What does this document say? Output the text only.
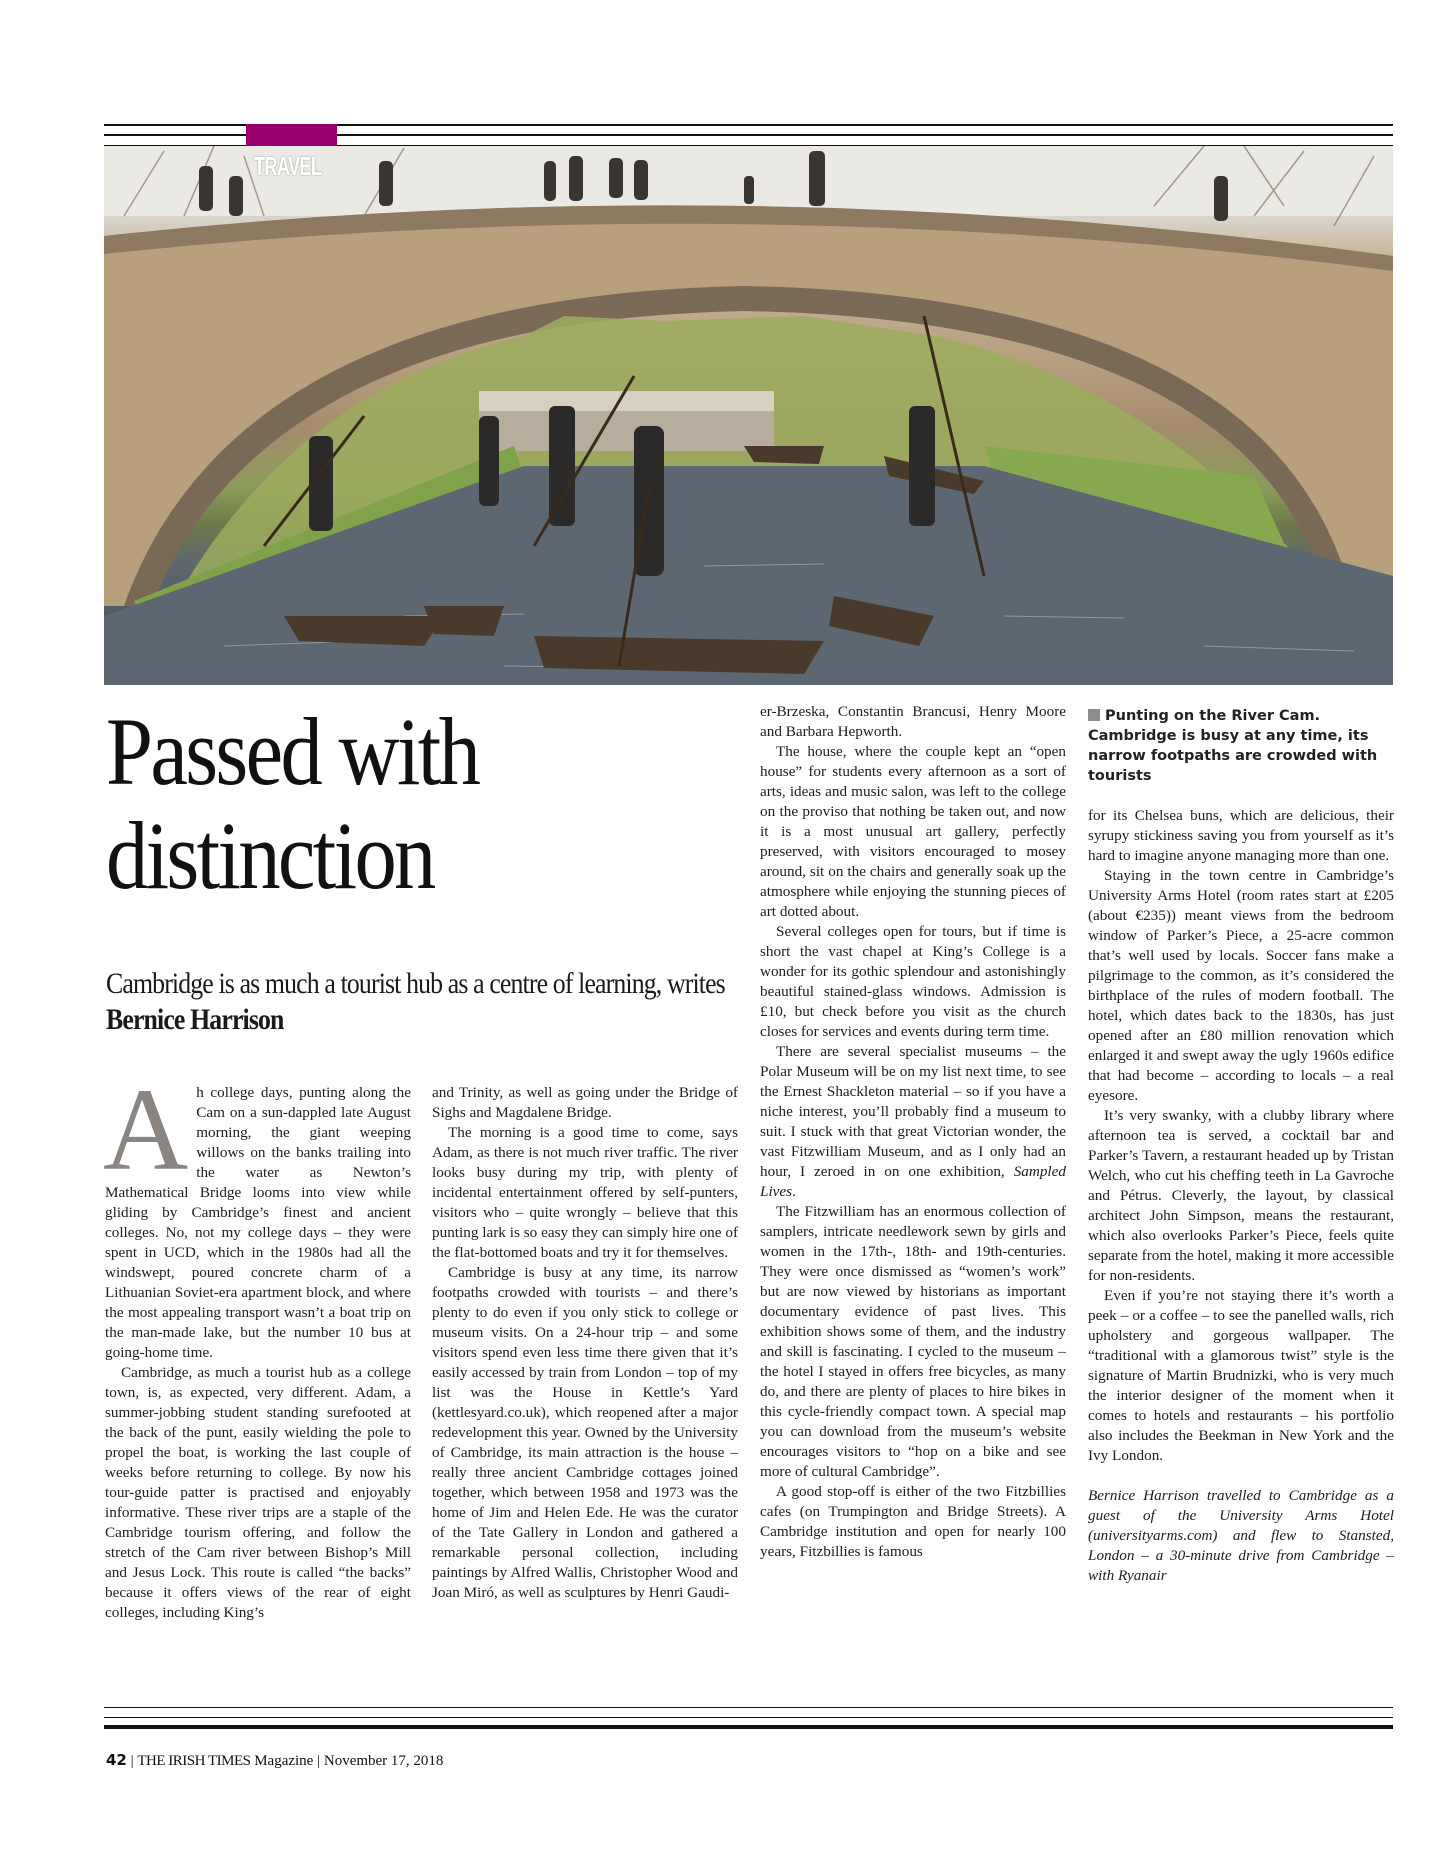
TRAVEL
Passed with
distinction

Cambridge is as much a tourist hub as a centre of learning, writes Bernice Harrison

Punting on the River Cam. Cambridge is busy at any time, its narrow footpaths are crowded with tourists

Ah college days, punting along the Cam on a sun-dappled late August morning, the giant weeping willows on the banks trailing into the water as Newton’s Mathematical Bridge looms into view while gliding by Cambridge’s finest and ancient colleges. No, not my college days – they were spent in UCD, which in the 1980s had all the windswept, poured concrete charm of a Lithuanian Soviet-era apartment block, and where the most appealing transport wasn’t a boat trip on the man-made lake, but the number 10 bus at going-home time.

Cambridge, as much a tourist hub as a college town, is, as expected, very different. Adam, a summer-jobbing student standing surefooted at the back of the punt, easily wielding the pole to propel the boat, is working the last couple of weeks before returning to college. By now his tour-guide patter is practised and enjoyably informative. These river trips are a staple of the Cambridge tourism offering, and follow the stretch of the Cam river between Bishop’s Mill and Jesus Lock. This route is called “the backs” because it offers views of the rear of eight colleges, including King’s

and Trinity, as well as going under the Bridge of Sighs and Magdalene Bridge.

The morning is a good time to come, says Adam, as there is not much river traffic. The river looks busy during my trip, with plenty of incidental entertainment offered by self-punters, visitors who – quite wrongly – believe that this punting lark is so easy they can simply hire one of the flat-bottomed boats and try it for themselves.

Cambridge is busy at any time, its narrow footpaths crowded with tourists – and there’s plenty to do even if you only stick to college or museum visits. On a 24-hour trip – and some visitors spend even less time there given that it’s easily accessed by train from London – top of my list was the House in Kettle’s Yard (kettlesyard.co.uk), which reopened after a major redevelopment this year. Owned by the University of Cambridge, its main attraction is the house – really three ancient Cambridge cottages joined together, which between 1958 and 1973 was the home of Jim and Helen Ede. He was the curator of the Tate Gallery in London and gathered a remarkable personal collection, including paintings by Alfred Wallis, Christopher Wood and Joan Miró, as well as sculptures by Henri Gaudi-

er-Brzeska, Constantin Brancusi, Henry Moore and Barbara Hepworth.

The house, where the couple kept an “open house” for students every afternoon as a sort of arts, ideas and music salon, was left to the college on the proviso that nothing be taken out, and now it is a most unusual art gallery, perfectly preserved, with visitors encouraged to mosey around, sit on the chairs and generally soak up the atmosphere while enjoying the stunning pieces of art dotted about.

Several colleges open for tours, but if time is short the vast chapel at King’s College is a wonder for its gothic splendour and astonishingly beautiful stained-glass windows. Admission is £10, but check before you visit as the church closes for services and events during term time.

There are several specialist museums – the Polar Museum will be on my list next time, to see the Ernest Shackleton material – so if you have a niche interest, you’ll probably find a museum to suit. I stuck with that great Victorian wonder, the vast Fitzwilliam Museum, and as I only had an hour, I zeroed in on one exhibition, Sampled Lives.

The Fitzwilliam has an enormous collection of samplers, intricate needlework sewn by girls and women in the 17th-, 18th- and 19th-centuries. They were once dismissed as “women’s work” but are now viewed by historians as important documentary evidence of past lives. This exhibition shows some of them, and the industry and skill is fascinating. I cycled to the museum – the hotel I stayed in offers free bicycles, as many do, and there are plenty of places to hire bikes in this cycle-friendly compact town. A special map you can download from the museum’s website encourages visitors to “hop on a bike and see more of cultural Cambridge”.

A good stop-off is either of the two Fitzbillies cafes (on Trumpington and Bridge Streets). A Cambridge institution and open for nearly 100 years, Fitzbillies is famous

for its Chelsea buns, which are delicious, their syrupy stickiness saving you from yourself as it’s hard to imagine anyone managing more than one.

Staying in the town centre in Cambridge’s University Arms Hotel (room rates start at £205 (about €235)) meant views from the bedroom window of Parker’s Piece, a 25-acre common that’s well used by locals. Soccer fans make a pilgrimage to the common, as it’s considered the birthplace of the rules of modern football. The hotel, which dates back to the 1830s, has just opened after an £80 million renovation which enlarged it and swept away the ugly 1960s edifice that had become – according to locals – a real eyesore.

It’s very swanky, with a clubby library where afternoon tea is served, a cocktail bar and Parker’s Tavern, a restaurant headed up by Tristan Welch, who cut his cheffing teeth in La Gavroche and Pétrus. Cleverly, the layout, by classical architect John Simpson, means the restaurant, which also overlooks Parker’s Piece, feels quite separate from the hotel, making it more accessible for non-residents.

Even if you’re not staying there it’s worth a peek – or a coffee – to see the panelled walls, rich upholstery and gorgeous wallpaper. The “traditional with a glamorous twist” style is the signature of Martin Brudnizki, who is very much the interior designer of the moment when it comes to hotels and restaurants – his portfolio also includes the Beekman in New York and the Ivy London.

Bernice Harrison travelled to Cambridge as a guest of the University Arms Hotel (universityarms.com) and flew to Stansted, London – a 30-minute drive from Cambridge – with Ryanair

42 | THE IRISH TIMES Magazine | November 17, 2018
